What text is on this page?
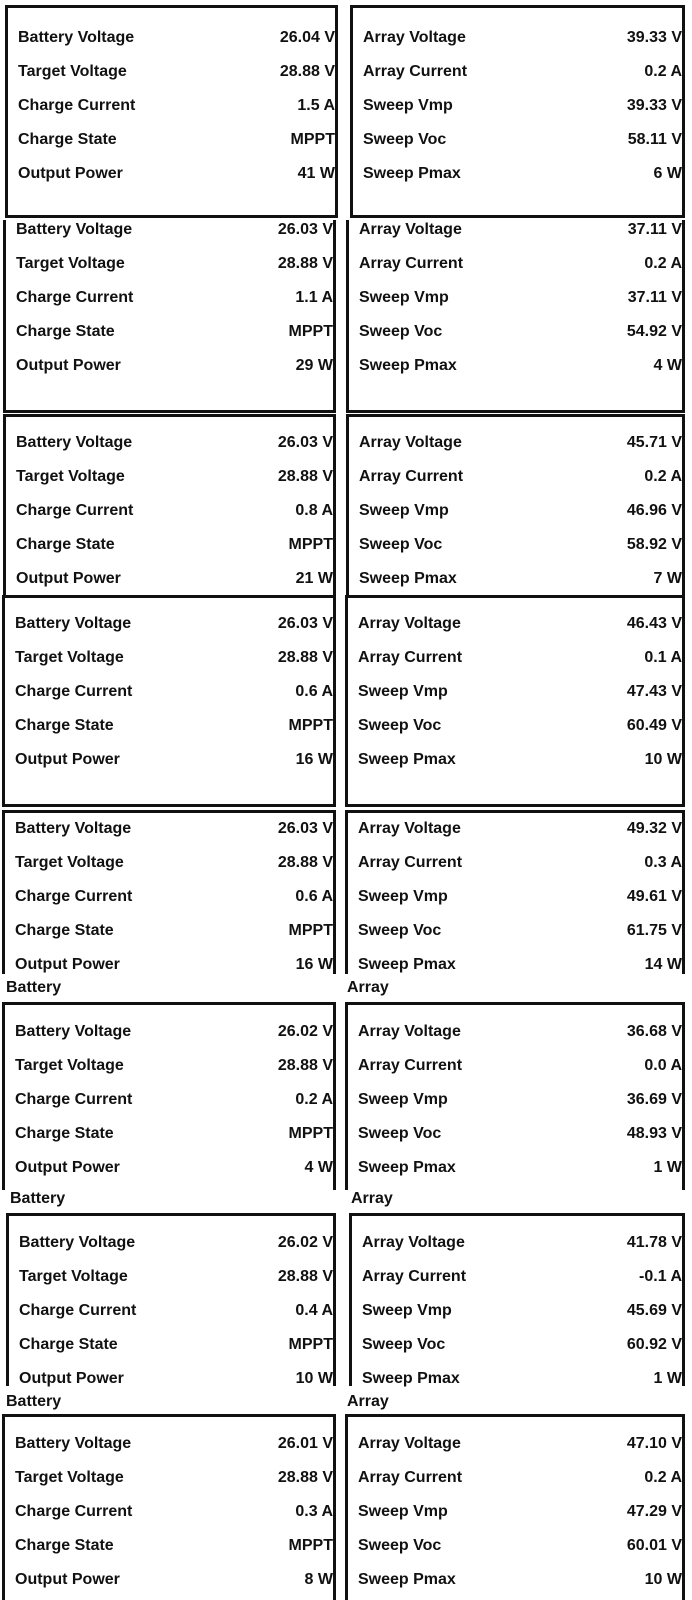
Battery Voltage	26.04 V
Target Voltage	28.88 V
Charge Current	1.5 A
Charge State	MPPT
Output Power	41 W
Array Voltage	39.33 V
Array Current	0.2 A
Sweep Vmp	39.33 V
Sweep Voc	58.11 V
Sweep Pmax	6 W
Battery Voltage	26.03 V
Target Voltage	28.88 V
Charge Current	1.1 A
Charge State	MPPT
Output Power	29 W
Array Voltage	37.11 V
Array Current	0.2 A
Sweep Vmp	37.11 V
Sweep Voc	54.92 V
Sweep Pmax	4 W
Battery Voltage	26.03 V
Target Voltage	28.88 V
Charge Current	0.8 A
Charge State	MPPT
Output Power	21 W
Array Voltage	45.71 V
Array Current	0.2 A
Sweep Vmp	46.96 V
Sweep Voc	58.92 V
Sweep Pmax	7 W
Battery Voltage	26.03 V
Target Voltage	28.88 V
Charge Current	0.6 A
Charge State	MPPT
Output Power	16 W
Array Voltage	46.43 V
Array Current	0.1 A
Sweep Vmp	47.43 V
Sweep Voc	60.49 V
Sweep Pmax	10 W
Battery Voltage	26.03 V
Target Voltage	28.88 V
Charge Current	0.6 A
Charge State	MPPT
Output Power	16 W
Array Voltage	49.32 V
Array Current	0.3 A
Sweep Vmp	49.61 V
Sweep Voc	61.75 V
Sweep Pmax	14 W
Battery	Array
Battery Voltage	26.02 V
Target Voltage	28.88 V
Charge Current	0.2 A
Charge State	MPPT
Output Power	4 W
Array Voltage	36.68 V
Array Current	0.0 A
Sweep Vmp	36.69 V
Sweep Voc	48.93 V
Sweep Pmax	1 W
Battery	Array
Battery Voltage	26.02 V
Target Voltage	28.88 V
Charge Current	0.4 A
Charge State	MPPT
Output Power	10 W
Array Voltage	41.78 V
Array Current	-0.1 A
Sweep Vmp	45.69 V
Sweep Voc	60.92 V
Sweep Pmax	1 W
Battery	Array
Battery Voltage	26.01 V
Target Voltage	28.88 V
Charge Current	0.3 A
Charge State	MPPT
Output Power	8 W
Array Voltage	47.10 V
Array Current	0.2 A
Sweep Vmp	47.29 V
Sweep Voc	60.01 V
Sweep Pmax	10 W
